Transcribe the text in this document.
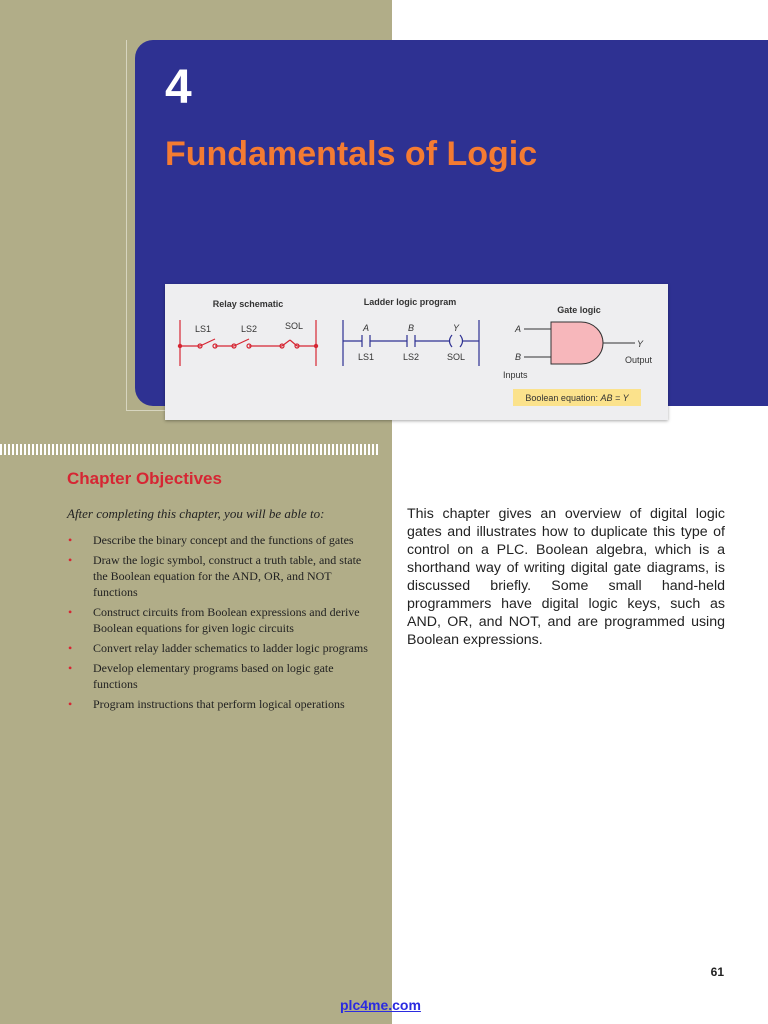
4
Fundamentals of Logic
Relay schematic
LS1	LS2	SOL
Ladder logic program
A	B	Y
LS1	LS2	SOL
Gate logic
A
B
Y
Inputs
Output
Boolean equation: AB = Y
Chapter Objectives

After completing this chapter, you will be able to:

• Describe the binary concept and the functions of gates
• Draw the logic symbol, construct a truth table, and state the Boolean equation for the AND, OR, and NOT functions
• Construct circuits from Boolean expressions and derive Boolean equations for given logic circuits
• Convert relay ladder schematics to ladder logic programs
• Develop elementary programs based on logic gate functions
• Program instructions that perform logical operations

This chapter gives an overview of digital logic gates and illustrates how to duplicate this type of control on a PLC. Boolean algebra, which is a shorthand way of writing digital gate diagrams, is discussed briefly. Some small hand-held programmers have digital logic keys, such as AND, OR, and NOT, and are programmed using Boolean expressions.

61

plc4me.com
